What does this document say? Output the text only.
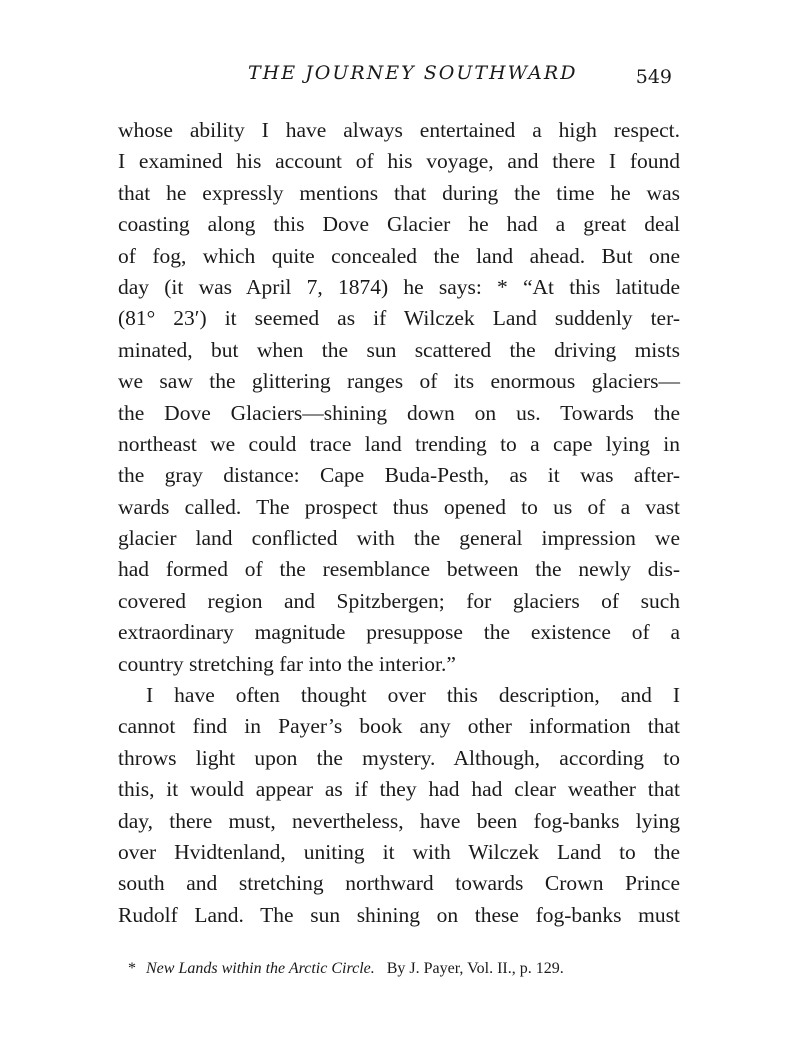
THE JOURNEY SOUTHWARD	549
whose ability I have always entertained a high respect.
I examined his account of his voyage, and there I found
that he expressly mentions that during the time he was
coasting along this Dove Glacier he had a great deal
of fog, which quite concealed the land ahead. But one
day (it was April 7, 1874) he says: * “At this latitude
(81° 23′) it seemed as if Wilczek Land suddenly ter-
minated, but when the sun scattered the driving mists
we saw the glittering ranges of its enormous glaciers—
the Dove Glaciers—shining down on us. Towards the
northeast we could trace land trending to a cape lying in
the gray distance: Cape Buda-Pesth, as it was after-
wards called. The prospect thus opened to us of a vast
glacier land conflicted with the general impression we
had formed of the resemblance between the newly dis-
covered region and Spitzbergen; for glaciers of such
extraordinary magnitude presuppose the existence of a
country stretching far into the interior.”
I have often thought over this description, and I
cannot find in Payer’s book any other information that
throws light upon the mystery. Although, according to
this, it would appear as if they had had clear weather that
day, there must, nevertheless, have been fog-banks lying
over Hvidtenland, uniting it with Wilczek Land to the
south and stretching northward towards Crown Prince
Rudolf Land. The sun shining on these fog-banks must
* New Lands within the Arctic Circle. By J. Payer, Vol. II., p. 129.
